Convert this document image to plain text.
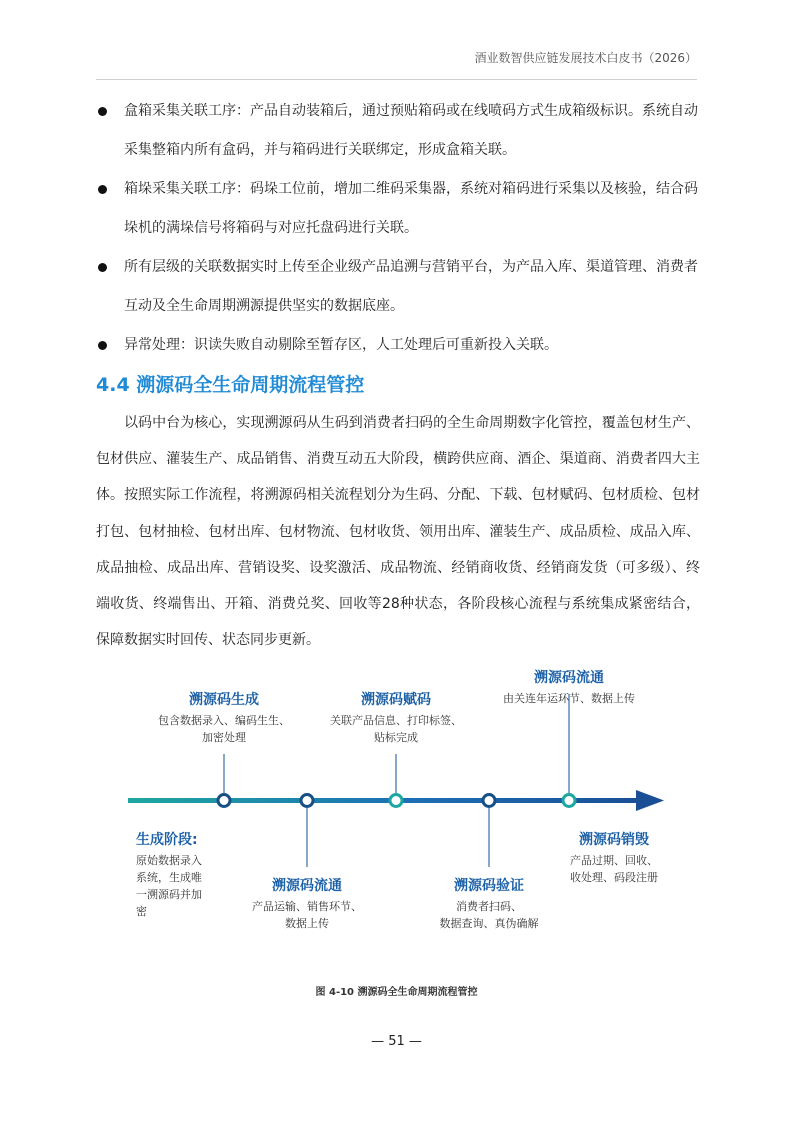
酒业数智供应链发展技术白皮书（2026）
盒箱采集关联工序：产品自动装箱后，通过预贴箱码或在线喷码方式生成箱级标识。系统自动采集整箱内所有盒码，并与箱码进行关联绑定，形成盒箱关联。
箱垛采集关联工序：码垛工位前，增加二维码采集器，系统对箱码进行采集以及核验，结合码垛机的满垛信号将箱码与对应托盘码进行关联。
所有层级的关联数据实时上传至企业级产品追溯与营销平台，为产品入库、渠道管理、消费者互动及全生命周期溯源提供坚实的数据底座。
异常处理：识读失败自动剔除至暂存区，人工处理后可重新投入关联。
4.4 溯源码全生命周期流程管控
以码中台为核心，实现溯源码从生码到消费者扫码的全生命周期数字化管控，覆盖包材生产、包材供应、灌装生产、成品销售、消费互动五大阶段，横跨供应商、酒企、渠道商、消费者四大主体。按照实际工作流程，将溯源码相关流程划分为生码、分配、下载、包材赋码、包材质检、包材打包、包材抽检、包材出库、包材物流、包材收货、领用出库、灌装生产、成品质检、成品入库、成品抽检、成品出库、营销设奖、设奖激活、成品物流、经销商收货、经销商发货（可多级）、终端收货、终端售出、开箱、消费兑奖、回收等28种状态，各阶段核心流程与系统集成紧密结合，保障数据实时回传、状态同步更新。
溯源码生成
包含数据录入、编码生生、
加密处理
溯源码赋码
关联产品信息、打印标签、
贴标完成
溯源码流通
由关连年运环节、数据上传
生成阶段:
原始数据录入
系统，生成唯
一溯源码并加
密
溯源码流通
产品运输、销售环节、
数据上传
溯源码验证
消费者扫码、
数据查询、真伪确解
溯源码销毁
产品过期、回收、
收处理、码段注册
图 4-10 溯源码全生命周期流程管控
— 51 —
